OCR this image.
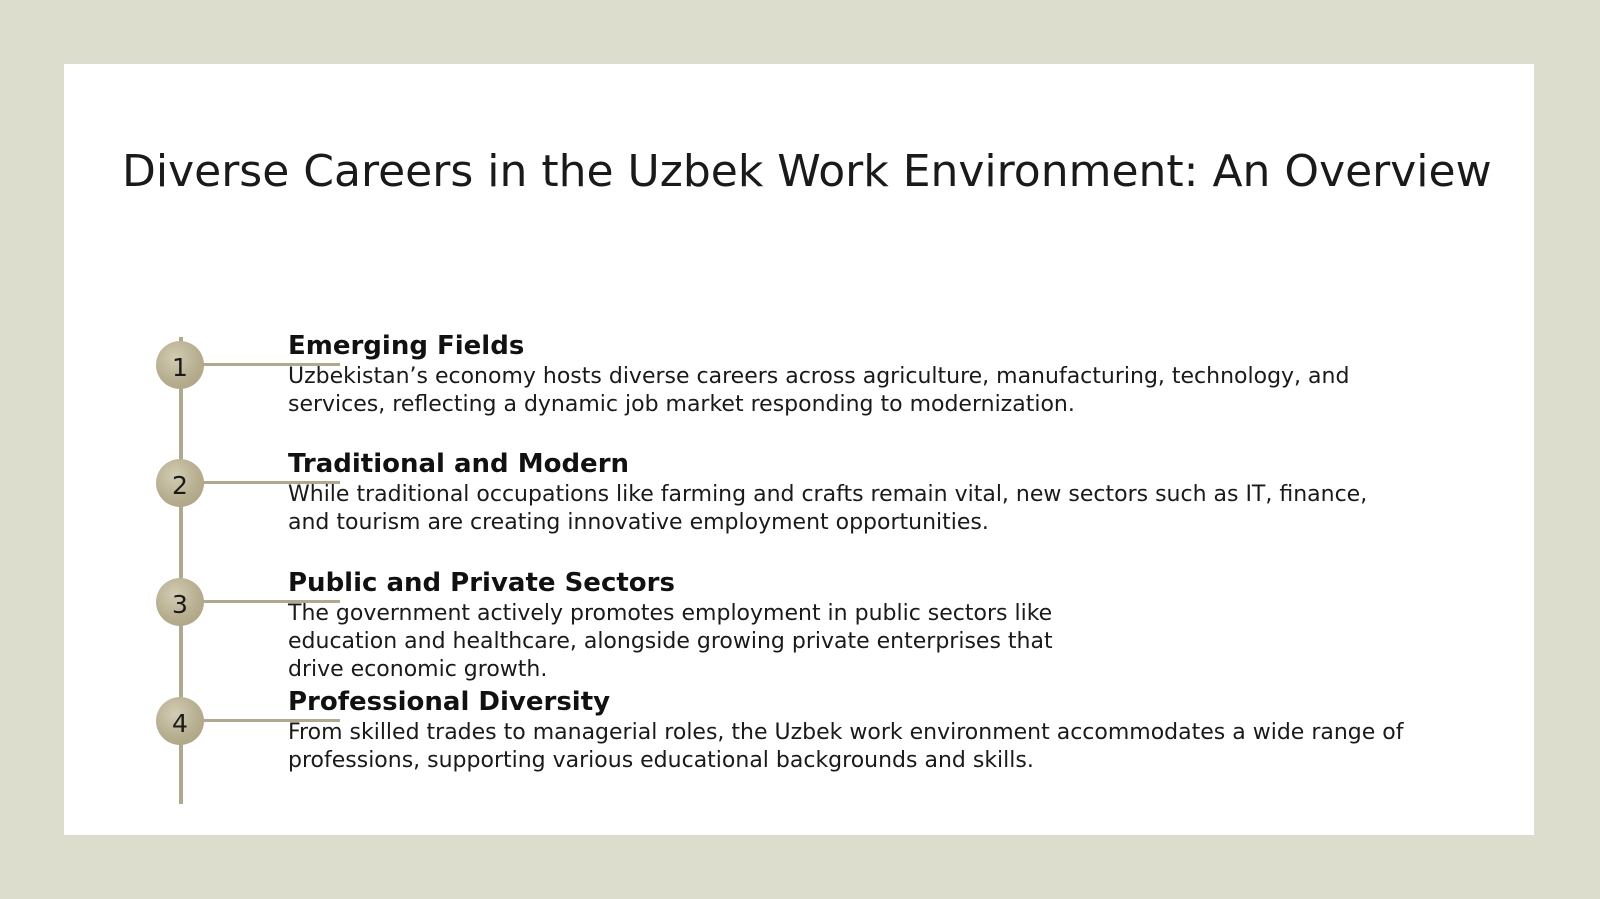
Diverse Careers in the Uzbek Work Environment: An Overview
1
Emerging Fields

Uzbekistan’s economy hosts diverse careers across agriculture, manufacturing, technology, and services, reflecting a dynamic job market responding to modernization.

2
Traditional and Modern

While traditional occupations like farming and crafts remain vital, new sectors such as IT, finance, and tourism are creating innovative employment opportunities.

3
Public and Private Sectors

The government actively promotes employment in public sectors like education and healthcare, alongside growing private enterprises that drive economic growth.

4
Professional Diversity

From skilled trades to managerial roles, the Uzbek work environment accommodates a wide range of professions, supporting various educational backgrounds and skills.
